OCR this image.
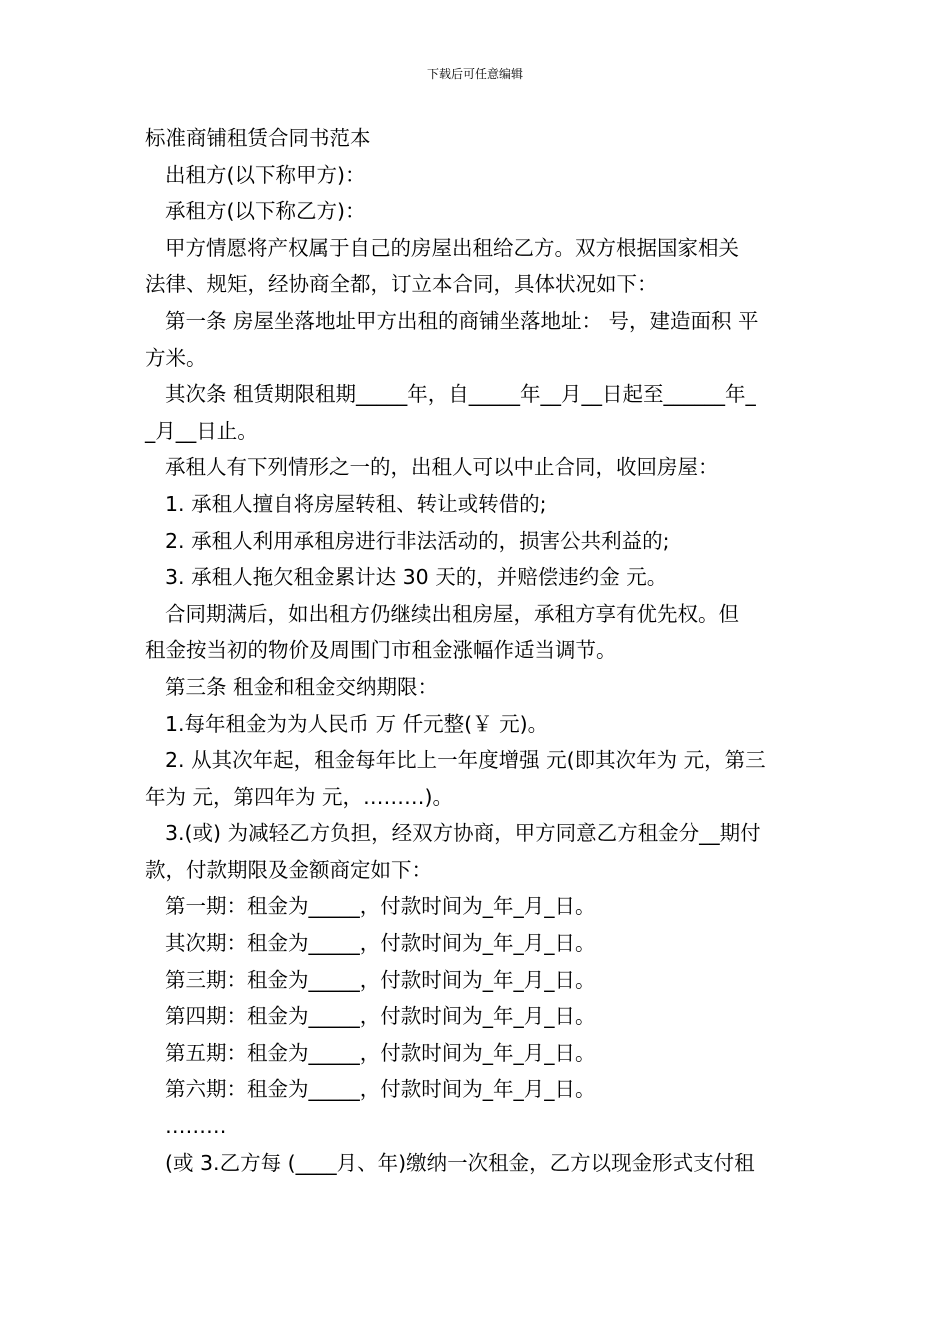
下载后可任意编辑
标准商铺租赁合同书范本
出租方(以下称甲方)：
承租方(以下称乙方)：
甲方情愿将产权属于自己的房屋出租给乙方。双方根据国家相关
法律、规矩，经协商全都，订立本合同，具体状况如下：
第一条 房屋坐落地址甲方出租的商铺坐落地址： 号，建造面积 平
方米。
其次条 租赁期限租期_____年，自_____年__月__日起至______年_
_月__日止。
承租人有下列情形之一的，出租人可以中止合同，收回房屋：
1. 承租人擅自将房屋转租、转让或转借的;
2. 承租人利用承租房进行非法活动的，损害公共利益的;
3. 承租人拖欠租金累计达 30 天的，并赔偿违约金 元。
合同期满后，如出租方仍继续出租房屋，承租方享有优先权。但
租金按当初的物价及周围门市租金涨幅作适当调节。
第三条 租金和租金交纳期限：
1.每年租金为为人民币 万 仟元整(￥ 元)。
2. 从其次年起，租金每年比上一年度增强 元(即其次年为 元，第三
年为 元，第四年为 元，………)。
3.(或) 为减轻乙方负担，经双方协商，甲方同意乙方租金分__期付
款，付款期限及金额商定如下：
第一期：租金为_____，付款时间为_年_月_日。
其次期：租金为_____，付款时间为_年_月_日。
第三期：租金为_____，付款时间为_年_月_日。
第四期：租金为_____，付款时间为_年_月_日。
第五期：租金为_____，付款时间为_年_月_日。
第六期：租金为_____，付款时间为_年_月_日。
………
(或 3.乙方每 (____月、年)缴纳一次租金，乙方以现金形式支付租
